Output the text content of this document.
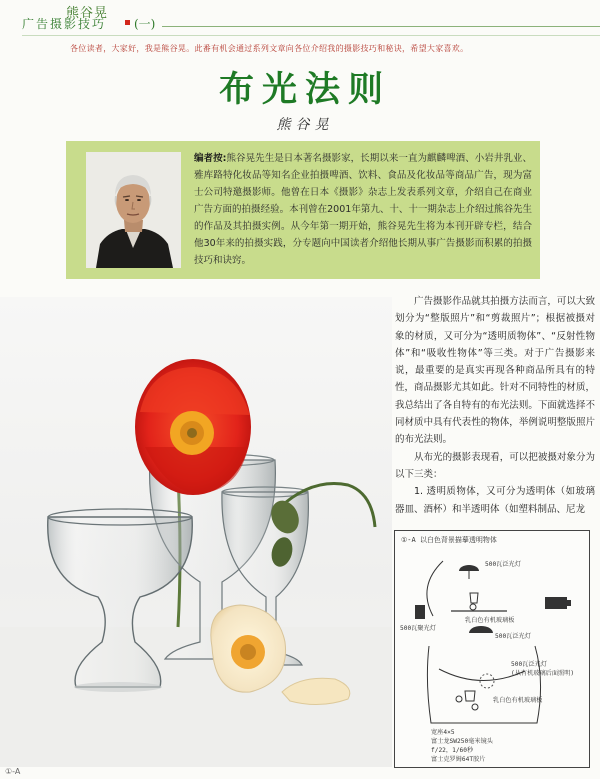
熊谷晃
广告摄影技巧 (一)
各位读者，大家好，我是熊谷晃。此番有机会通过系列文章向各位介绍我的摄影技巧和秘诀，希望大家喜欢。
布光法则
熊谷晃
编者按:熊谷晃先生是日本著名摄影家，长期以来一直为麒麟啤酒、小岩井乳业、雅库路特化妆品等知名企业拍摄啤酒、饮料、食品及化妆品等商品广告，现为富士公司特邀摄影师。他曾在日本《摄影》杂志上发表系列文章，介绍自己在商业广告方面的拍摄经验。本刊曾在2001年第九、十、十一期杂志上介绍过熊谷先生的作品及其拍摄实例。从今年第一期开始，熊谷晃先生将为本刊开辟专栏，结合他30年来的拍摄实践，分专题向中国读者介绍他长期从事广告摄影而积累的拍摄技巧和诀窍。

广告摄影作品就其拍摄方法而言，可以大致划分为“整版照片”和“剪裁照片”；根据被摄对象的材质，又可分为“透明质物体”、“反射性物体”和“吸收性物体”等三类。对于广告摄影来说，最重要的是真实再现各种商品所具有的特性，商品摄影尤其如此。针对不同特性的材质，我总结出了各自特有的布光法则。下面就选择不同材质中具有代表性的物体，举例说明整版照片的布光法则。

从布光的摄影表现看，可以把被摄对象分为以下三类：

1. 透明质物体，又可分为透明体（如玻璃器皿、酒杯）和半透明体（如塑料制品、尼龙

①-A 以白色背景描摹透明物体
500瓦泛光灯
500瓦聚光灯
乳白色有机玻璃板
500瓦泛光灯
500瓦泛光灯
(从有机玻璃后面照明)
乳白色有机玻璃板
宽座4×5
富士龙SW250毫米镜头
f/22，1/60秒
富士克罗姆64T胶片
①-A
